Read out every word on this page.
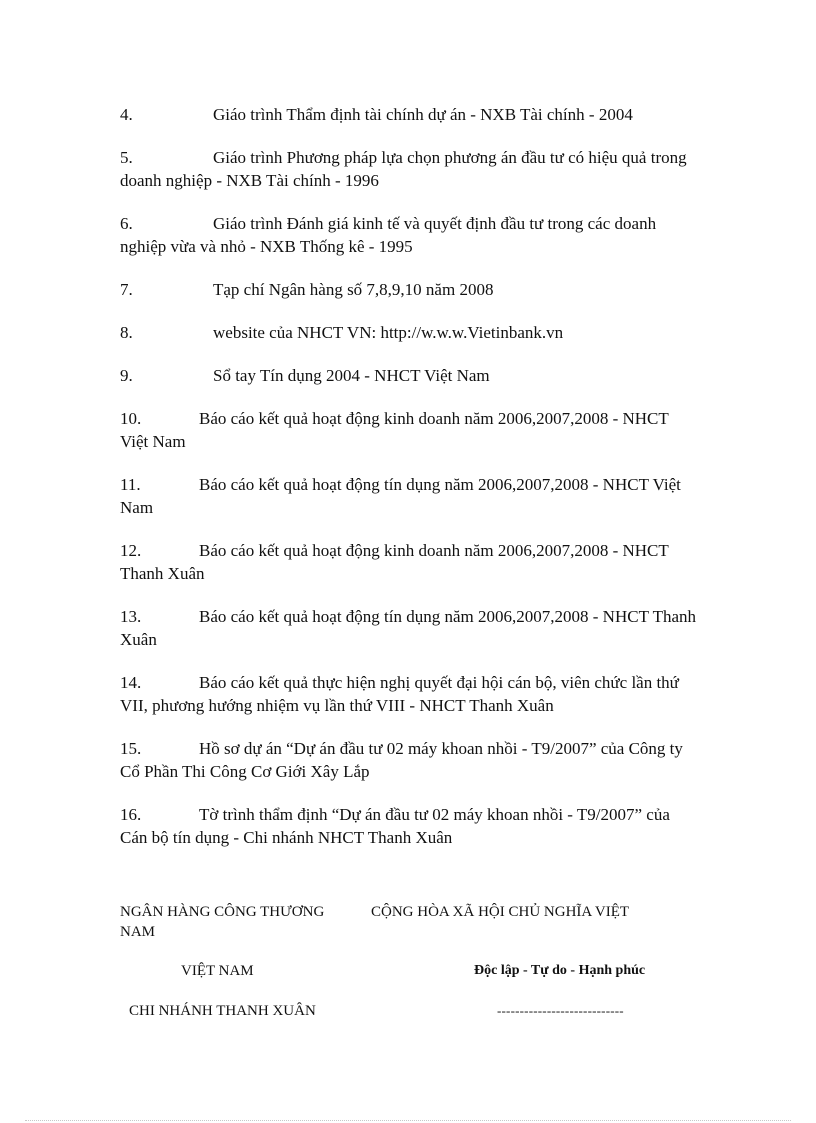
4.	Giáo trình Thẩm định tài chính dự án - NXB Tài chính - 2004

5.	Giáo trình Phương pháp lựa chọn phương án đầu tư có hiệu quả trong doanh nghiệp - NXB Tài chính - 1996

6.	Giáo trình Đánh giá kinh tế và quyết định đầu tư trong các doanh nghiệp vừa và nhỏ - NXB Thống kê - 1995

7.	Tạp chí Ngân hàng số 7,8,9,10 năm 2008

8.	website của NHCT VN: http://w.w.w.Vietinbank.vn

9.	Sổ tay Tín dụng 2004 - NHCT Việt Nam

10.	Báo cáo kết quả hoạt động kinh doanh năm 2006,2007,2008 - NHCT Việt Nam

11.	Báo cáo kết quả hoạt động tín dụng năm 2006,2007,2008 - NHCT Việt Nam

12.	Báo cáo kết quả hoạt động kinh doanh năm 2006,2007,2008 - NHCT Thanh Xuân

13.	Báo cáo kết quả hoạt động tín dụng năm 2006,2007,2008 - NHCT Thanh Xuân

14.	Báo cáo kết quả thực hiện nghị quyết đại hội cán bộ, viên chức lần thứ VII, phương hướng nhiệm vụ lần thứ VIII - NHCT Thanh Xuân

15.	Hồ sơ dự án “Dự án đầu tư 02 máy khoan nhồi - T9/2007” của Công ty Cổ Phần Thi Công Cơ Giới Xây Lắp

16.	Tờ trình thẩm định “Dự án đầu tư 02 máy khoan nhồi - T9/2007” của Cán bộ tín dụng - Chi nhánh NHCT Thanh Xuân

NGÂN HÀNG CÔNG THƯƠNG
NAM
CỘNG HÒA XÃ HỘI CHỦ NGHĨA VIỆT
VIỆT NAM	Độc lập - Tự do - Hạnh phúc
CHI NHÁNH THANH XUÂN	----------------------------
